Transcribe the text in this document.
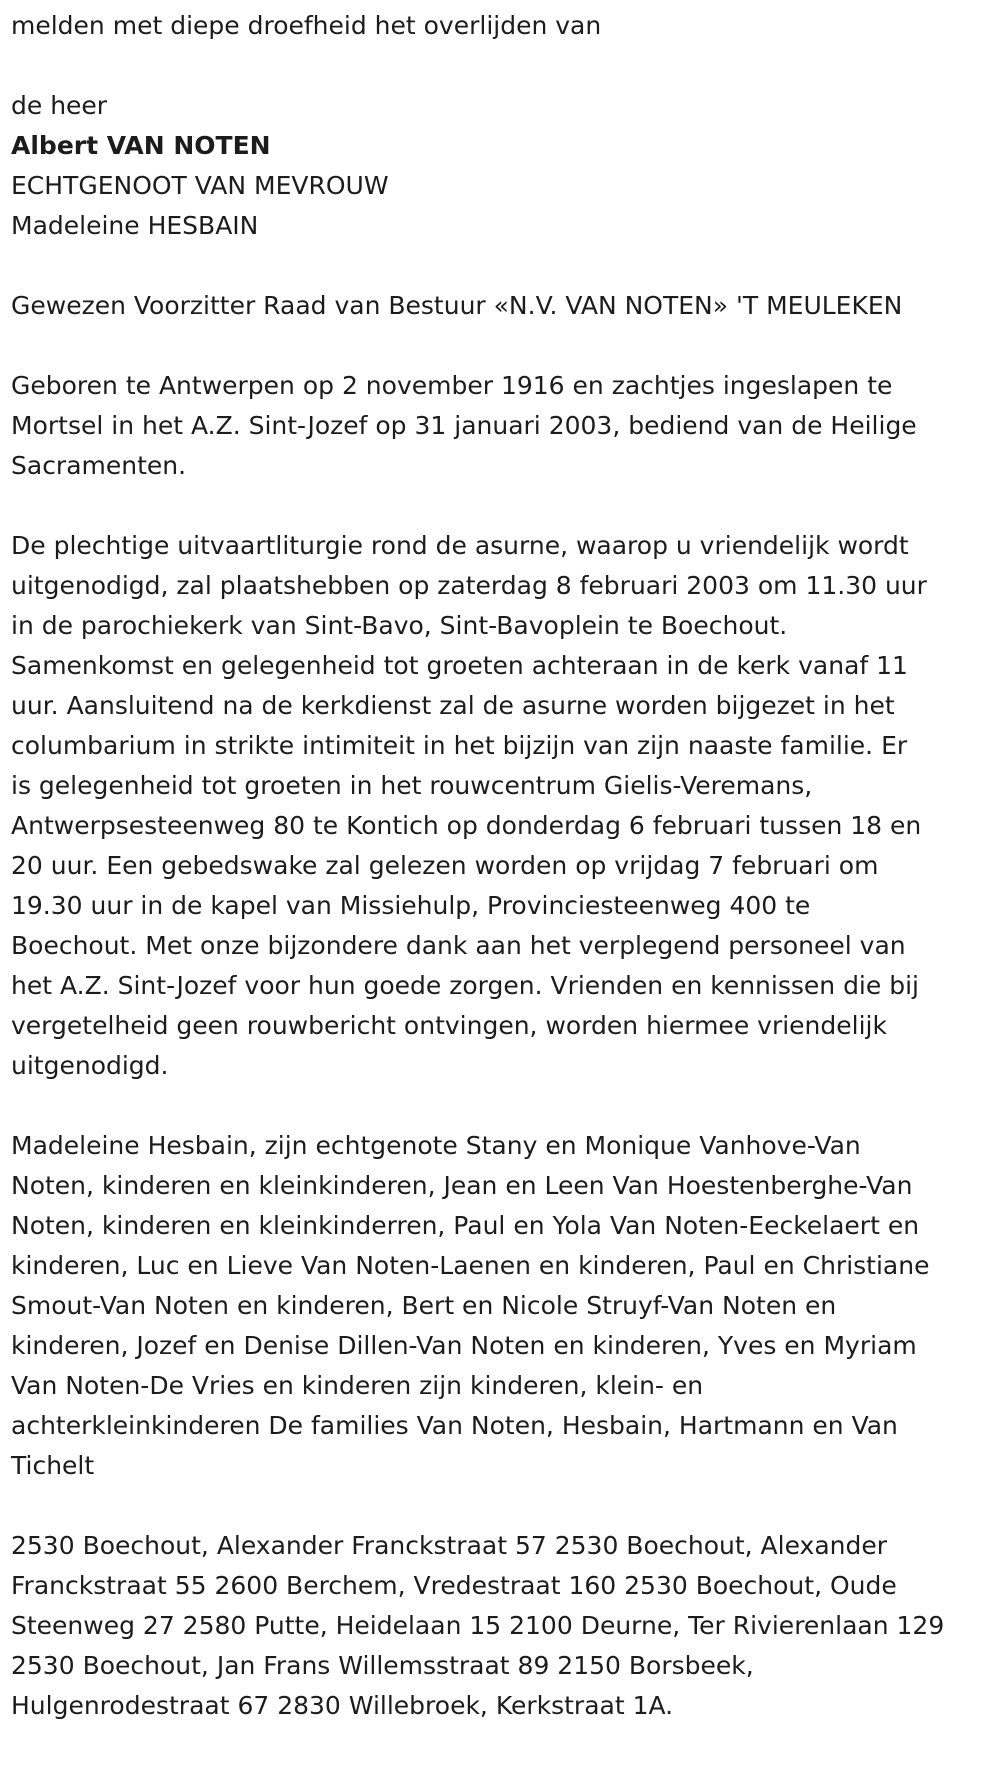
melden met diepe droefheid het overlijden van
de heer
Albert VAN NOTEN
ECHTGENOOT VAN MEVROUW
Madeleine HESBAIN
Gewezen Voorzitter Raad van Bestuur «N.V. VAN NOTEN» 'T MEULEKEN
Geboren te Antwerpen op 2 november 1916 en zachtjes ingeslapen te
Mortsel in het A.Z. Sint-Jozef op 31 januari 2003, bediend van de Heilige
Sacramenten.
De plechtige uitvaartliturgie rond de asurne, waarop u vriendelijk wordt
uitgenodigd, zal plaatshebben op zaterdag 8 februari 2003 om 11.30 uur
in de parochiekerk van Sint-Bavo, Sint-Bavoplein te Boechout.
Samenkomst en gelegenheid tot groeten achteraan in de kerk vanaf 11
uur. Aansluitend na de kerkdienst zal de asurne worden bijgezet in het
columbarium in strikte intimiteit in het bijzijn van zijn naaste familie. Er
is gelegenheid tot groeten in het rouwcentrum Gielis-Veremans,
Antwerpsesteenweg 80 te Kontich op donderdag 6 februari tussen 18 en
20 uur. Een gebedswake zal gelezen worden op vrijdag 7 februari om
19.30 uur in de kapel van Missiehulp, Provinciesteenweg 400 te
Boechout. Met onze bijzondere dank aan het verplegend personeel van
het A.Z. Sint-Jozef voor hun goede zorgen. Vrienden en kennissen die bij
vergetelheid geen rouwbericht ontvingen, worden hiermee vriendelijk
uitgenodigd.
Madeleine Hesbain, zijn echtgenote Stany en Monique Vanhove-Van
Noten, kinderen en kleinkinderen, Jean en Leen Van Hoestenberghe-Van
Noten, kinderen en kleinkinderren, Paul en Yola Van Noten-Eeckelaert en
kinderen, Luc en Lieve Van Noten-Laenen en kinderen, Paul en Christiane
Smout-Van Noten en kinderen, Bert en Nicole Struyf-Van Noten en
kinderen, Jozef en Denise Dillen-Van Noten en kinderen, Yves en Myriam
Van Noten-De Vries en kinderen zijn kinderen, klein- en
achterkleinkinderen De families Van Noten, Hesbain, Hartmann en Van
Tichelt
2530 Boechout, Alexander Franckstraat 57 2530 Boechout, Alexander
Franckstraat 55 2600 Berchem, Vredestraat 160 2530 Boechout, Oude
Steenweg 27 2580 Putte, Heidelaan 15 2100 Deurne, Ter Rivierenlaan 129
2530 Boechout, Jan Frans Willemsstraat 89 2150 Borsbeek,
Hulgenrodestraat 67 2830 Willebroek, Kerkstraat 1A.
